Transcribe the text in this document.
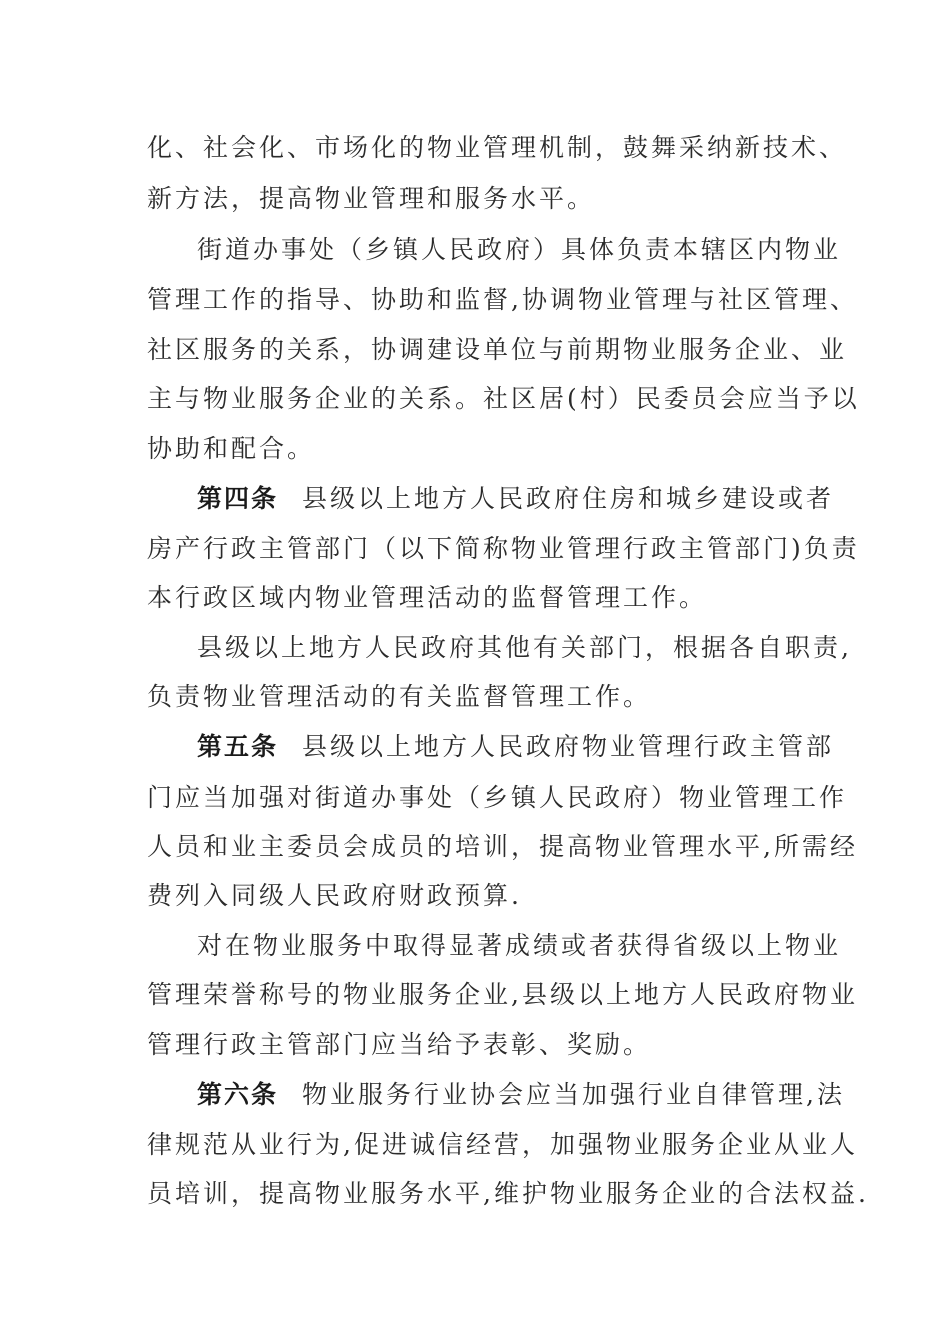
化、社会化、市场化的物业管理机制，鼓舞采纳新技术、
新方法，提高物业管理和服务水平。
街道办事处（乡镇人民政府）具体负责本辖区内物业
管理工作的指导、协助和监督,协调物业管理与社区管理、
社区服务的关系，协调建设单位与前期物业服务企业、业
主与物业服务企业的关系。社区居(村）民委员会应当予以
协助和配合。
第四条 县级以上地方人民政府住房和城乡建设或者
房产行政主管部门（以下简称物业管理行政主管部门)负责
本行政区域内物业管理活动的监督管理工作。
县级以上地方人民政府其他有关部门，根据各自职责,
负责物业管理活动的有关监督管理工作。
第五条 县级以上地方人民政府物业管理行政主管部
门应当加强对街道办事处（乡镇人民政府）物业管理工作
人员和业主委员会成员的培训，提高物业管理水平,所需经
费列入同级人民政府财政预算.
对在物业服务中取得显著成绩或者获得省级以上物业
管理荣誉称号的物业服务企业,县级以上地方人民政府物业
管理行政主管部门应当给予表彰、奖励。
第六条 物业服务行业协会应当加强行业自律管理,法
律规范从业行为,促进诚信经营，加强物业服务企业从业人
员培训，提高物业服务水平,维护物业服务企业的合法权益.
